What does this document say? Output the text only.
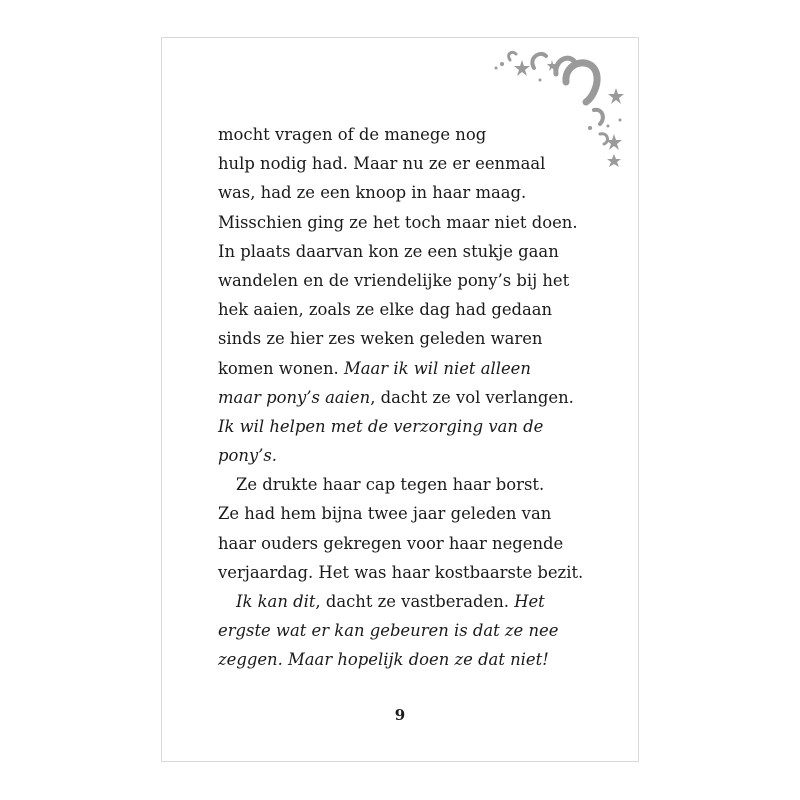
mocht vragen of de manege nog
hulp nodig had. Maar nu ze er eenmaal
was, had ze een knoop in haar maag.
Misschien ging ze het toch maar niet doen.
In plaats daarvan kon ze een stukje gaan
wandelen en de vriendelijke pony’s bij het
hek aaien, zoals ze elke dag had gedaan
sinds ze hier zes weken geleden waren
komen wonen. Maar ik wil niet alleen
maar pony’s aaien, dacht ze vol verlangen.
Ik wil helpen met de verzorging van de
pony’s.
Ze drukte haar cap tegen haar borst.
Ze had hem bijna twee jaar geleden van
haar ouders gekregen voor haar negende
verjaardag. Het was haar kostbaarste bezit.
Ik kan dit, dacht ze vastberaden. Het
ergste wat er kan gebeuren is dat ze nee
zeggen. Maar hopelijk doen ze dat niet!
9
